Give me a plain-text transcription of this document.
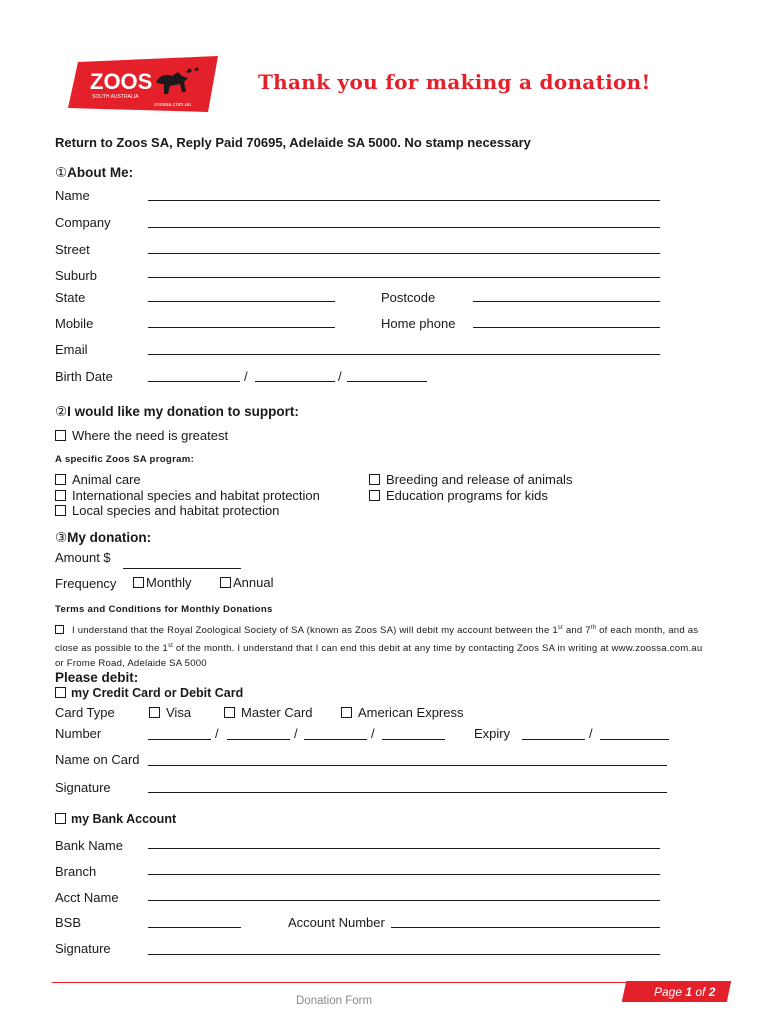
ZOOS
SOUTH AUSTRALIA
zoossa.com.au
Thank you for making a donation!
Return to Zoos SA, Reply Paid 70695, Adelaide SA 5000. No stamp necessary
①About Me:
Name
Company
Street
Suburb
State	Postcode
Mobile	Home phone
Email
Birth Date	/	/
②I would like my donation to support:
Where the need is greatest
A specific Zoos SA program:
Animal care
International species and habitat protection
Local species and habitat protection
Breeding and release of animals
Education programs for kids
③My donation:
Amount $
Frequency	Monthly	Annual
Terms and Conditions for Monthly Donations
I understand that the Royal Zoological Society of SA (known as Zoos SA) will debit my account between the 1st and 7th of each month, and as close as possible to the 1st of the month. I understand that I can end this debit at any time by contacting Zoos SA in writing at www.zoossa.com.au or Frome Road, Adelaide SA 5000
Please debit:
my Credit Card or Debit Card
Card Type	Visa	Master Card	American Express
Number	/	/	/	Expiry	/
Name on Card
Signature
my Bank Account
Bank Name
Branch
Acct Name
BSB	Account Number
Signature
Page 1 of 2
Donation Form
